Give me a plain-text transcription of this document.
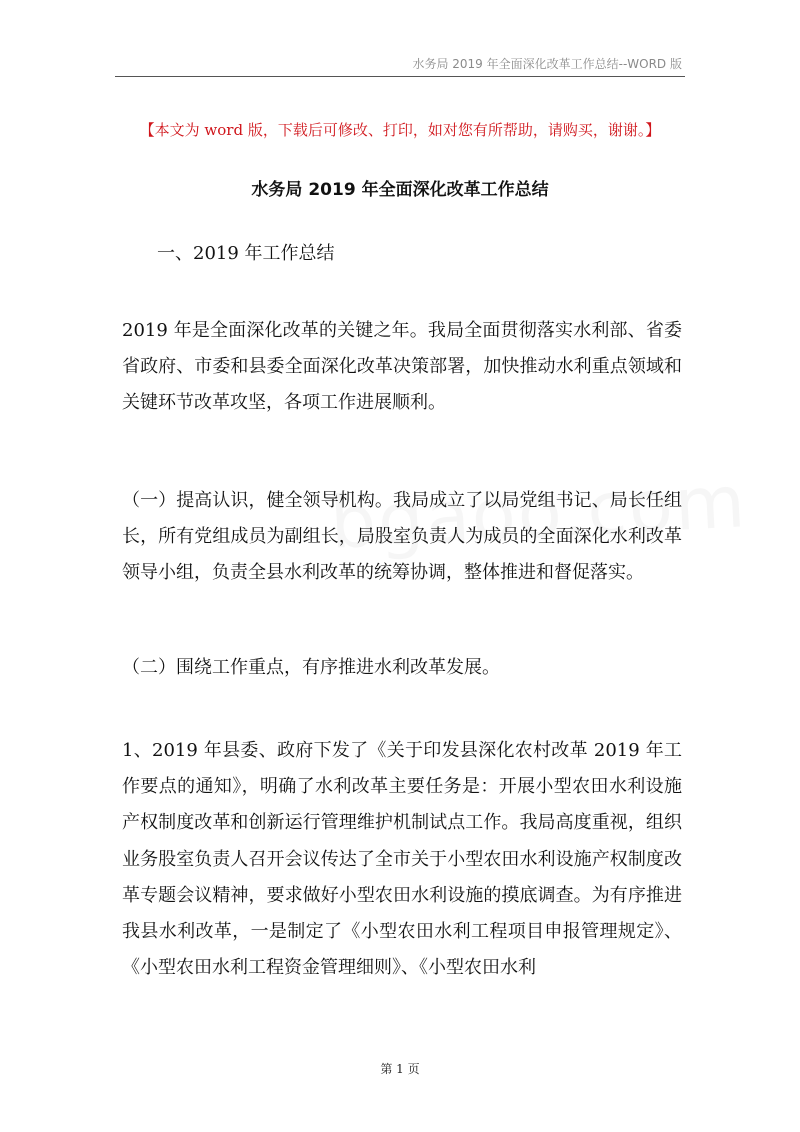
水务局 2019 年全面深化改革工作总结--WORD 版
【本文为 word 版，下载后可修改、打印，如对您有所帮助，请购买，谢谢。】
水务局 2019 年全面深化改革工作总结
一、2019 年工作总结
2019 年是全面深化改革的关键之年。我局全面贯彻落实水利部、省委省政府、市委和县委全面深化改革决策部署，加快推动水利重点领域和关键环节改革攻坚，各项工作进展顺利。
（一）提高认识，健全领导机构。我局成立了以局党组书记、局长任组长，所有党组成员为副组长，局股室负责人为成员的全面深化水利改革领导小组，负责全县水利改革的统筹协调，整体推进和督促落实。
（二）围绕工作重点，有序推进水利改革发展。
1、2019 年县委、政府下发了《关于印发县深化农村改革 2019 年工作要点的通知》，明确了水利改革主要任务是：开展小型农田水利设施产权制度改革和创新运行管理维护机制试点工作。我局高度重视，组织业务股室负责人召开会议传达了全市关于小型农田水利设施产权制度改革专题会议精神，要求做好小型农田水利设施的摸底调查。为有序推进我县水利改革，一是制定了《小型农田水利工程项目申报管理规定》、《小型农田水利工程资金管理细则》、《小型农田水利
第 1 页
